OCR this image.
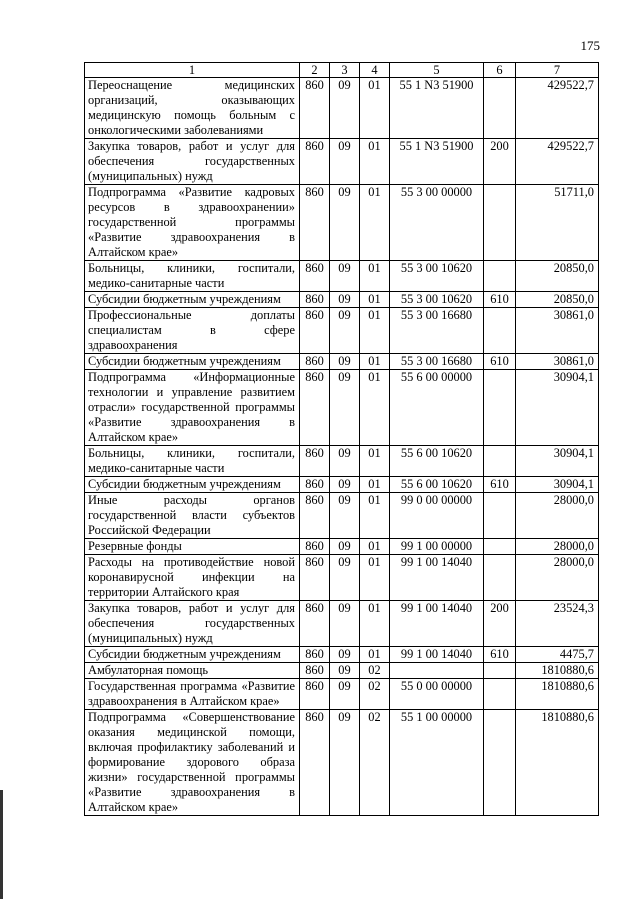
175
1	2	3	4	5	6	7
Переоснащение медицинских организаций, оказывающих медицинскую помощь больным с онкологическими заболеваниями	860	09	01	55 1 N3 51900		429522,7
Закупка товаров, работ и услуг для обеспечения государственных (муниципальных) нужд	860	09	01	55 1 N3 51900	200	429522,7
Подпрограмма «Развитие кадровых ресурсов в здравоохранении» государственной программы «Развитие здравоохранения в Алтайском крае»	860	09	01	55 3 00 00000		51711,0
Больницы, клиники, госпитали, медико-санитарные части	860	09	01	55 3 00 10620		20850,0
Субсидии бюджетным учреждениям	860	09	01	55 3 00 10620	610	20850,0
Профессиональные доплаты специалистам в сфере здравоохранения	860	09	01	55 3 00 16680		30861,0
Субсидии бюджетным учреждениям	860	09	01	55 3 00 16680	610	30861,0
Подпрограмма «Информационные технологии и управление развитием отрасли» государственной программы «Развитие здравоохранения в Алтайском крае»	860	09	01	55 6 00 00000		30904,1
Больницы, клиники, госпитали, медико-санитарные части	860	09	01	55 6 00 10620		30904,1
Субсидии бюджетным учреждениям	860	09	01	55 6 00 10620	610	30904,1
Иные расходы органов государственной власти субъектов Российской Федерации	860	09	01	99 0 00 00000		28000,0
Резервные фонды	860	09	01	99 1 00 00000		28000,0
Расходы на противодействие новой коронавирусной инфекции на территории Алтайского края	860	09	01	99 1 00 14040		28000,0
Закупка товаров, работ и услуг для обеспечения государственных (муниципальных) нужд	860	09	01	99 1 00 14040	200	23524,3
Субсидии бюджетным учреждениям	860	09	01	99 1 00 14040	610	4475,7
Амбулаторная помощь	860	09	02			1810880,6
Государственная программа «Развитие здравоохранения в Алтайском крае»	860	09	02	55 0 00 00000		1810880,6
Подпрограмма «Совершенствование оказания медицинской помощи, включая профилактику заболеваний и формирование здорового образа жизни» государственной программы «Развитие здравоохранения в Алтайском крае»	860	09	02	55 1 00 00000		1810880,6
